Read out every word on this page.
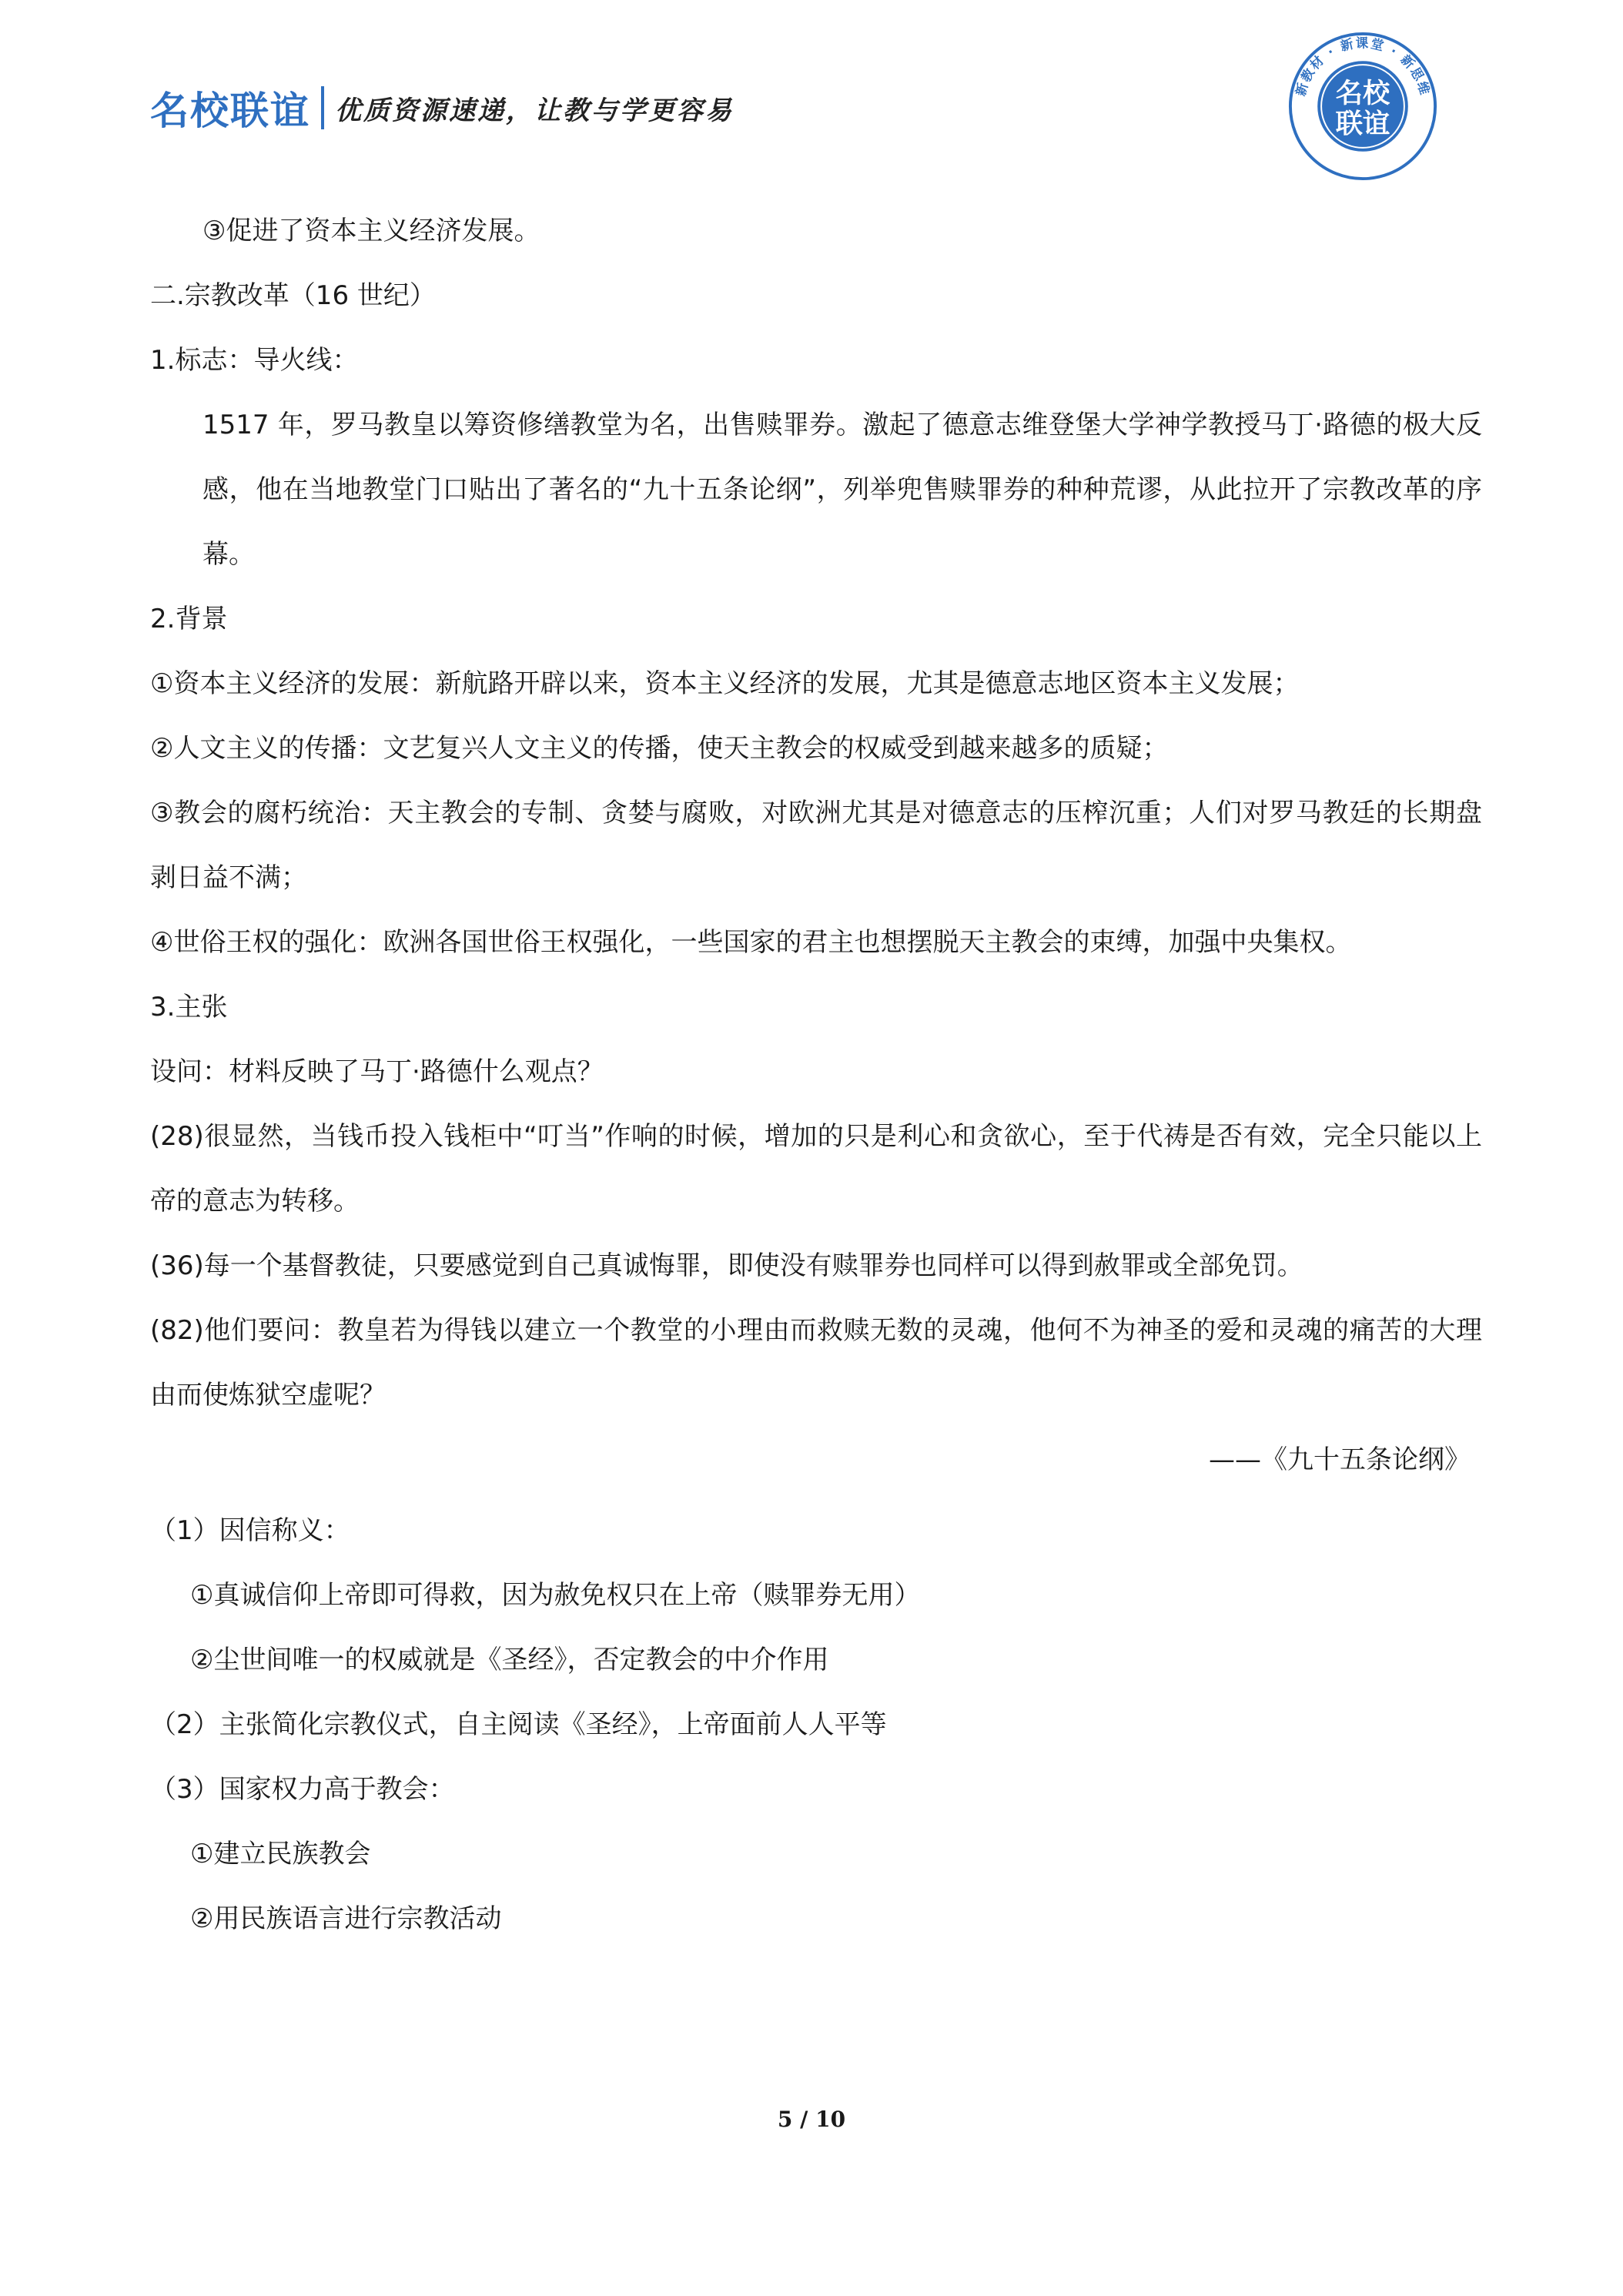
名校联谊 优质资源速递，让教与学更容易
新教材 · 新课堂 · 新思维
名校
联谊

③促进了资本主义经济发展。

二.宗教改革（16 世纪）

1.标志：导火线：

1517 年，罗马教皇以筹资修缮教堂为名，出售赎罪券。激起了德意志维登堡大学神学教授马丁·路德的极大反感，他在当地教堂门口贴出了著名的“九十五条论纲”，列举兜售赎罪券的种种荒谬，从此拉开了宗教改革的序幕。

2.背景

①资本主义经济的发展：新航路开辟以来，资本主义经济的发展，尤其是德意志地区资本主义发展；

②人文主义的传播：文艺复兴人文主义的传播，使天主教会的权威受到越来越多的质疑；

③教会的腐朽统治：天主教会的专制、贪婪与腐败，对欧洲尤其是对德意志的压榨沉重；人们对罗马教廷的长期盘剥日益不满；

④世俗王权的强化：欧洲各国世俗王权强化，一些国家的君主也想摆脱天主教会的束缚，加强中央集权。

3.主张

设问：材料反映了马丁·路德什么观点？

(28)很显然，当钱币投入钱柜中“叮当”作响的时候，增加的只是利心和贪欲心，至于代祷是否有效，完全只能以上帝的意志为转移。

(36)每一个基督教徒，只要感觉到自己真诚悔罪，即使没有赎罪券也同样可以得到赦罪或全部免罚。

(82)他们要问：教皇若为得钱以建立一个教堂的小理由而救赎无数的灵魂，他何不为神圣的爱和灵魂的痛苦的大理由而使炼狱空虚呢？

——《九十五条论纲》

（1）因信称义：

①真诚信仰上帝即可得救，因为赦免权只在上帝（赎罪券无用）

②尘世间唯一的权威就是《圣经》，否定教会的中介作用

（2）主张简化宗教仪式，自主阅读《圣经》，上帝面前人人平等

（3）国家权力高于教会：

①建立民族教会

②用民族语言进行宗教活动

5 / 10
